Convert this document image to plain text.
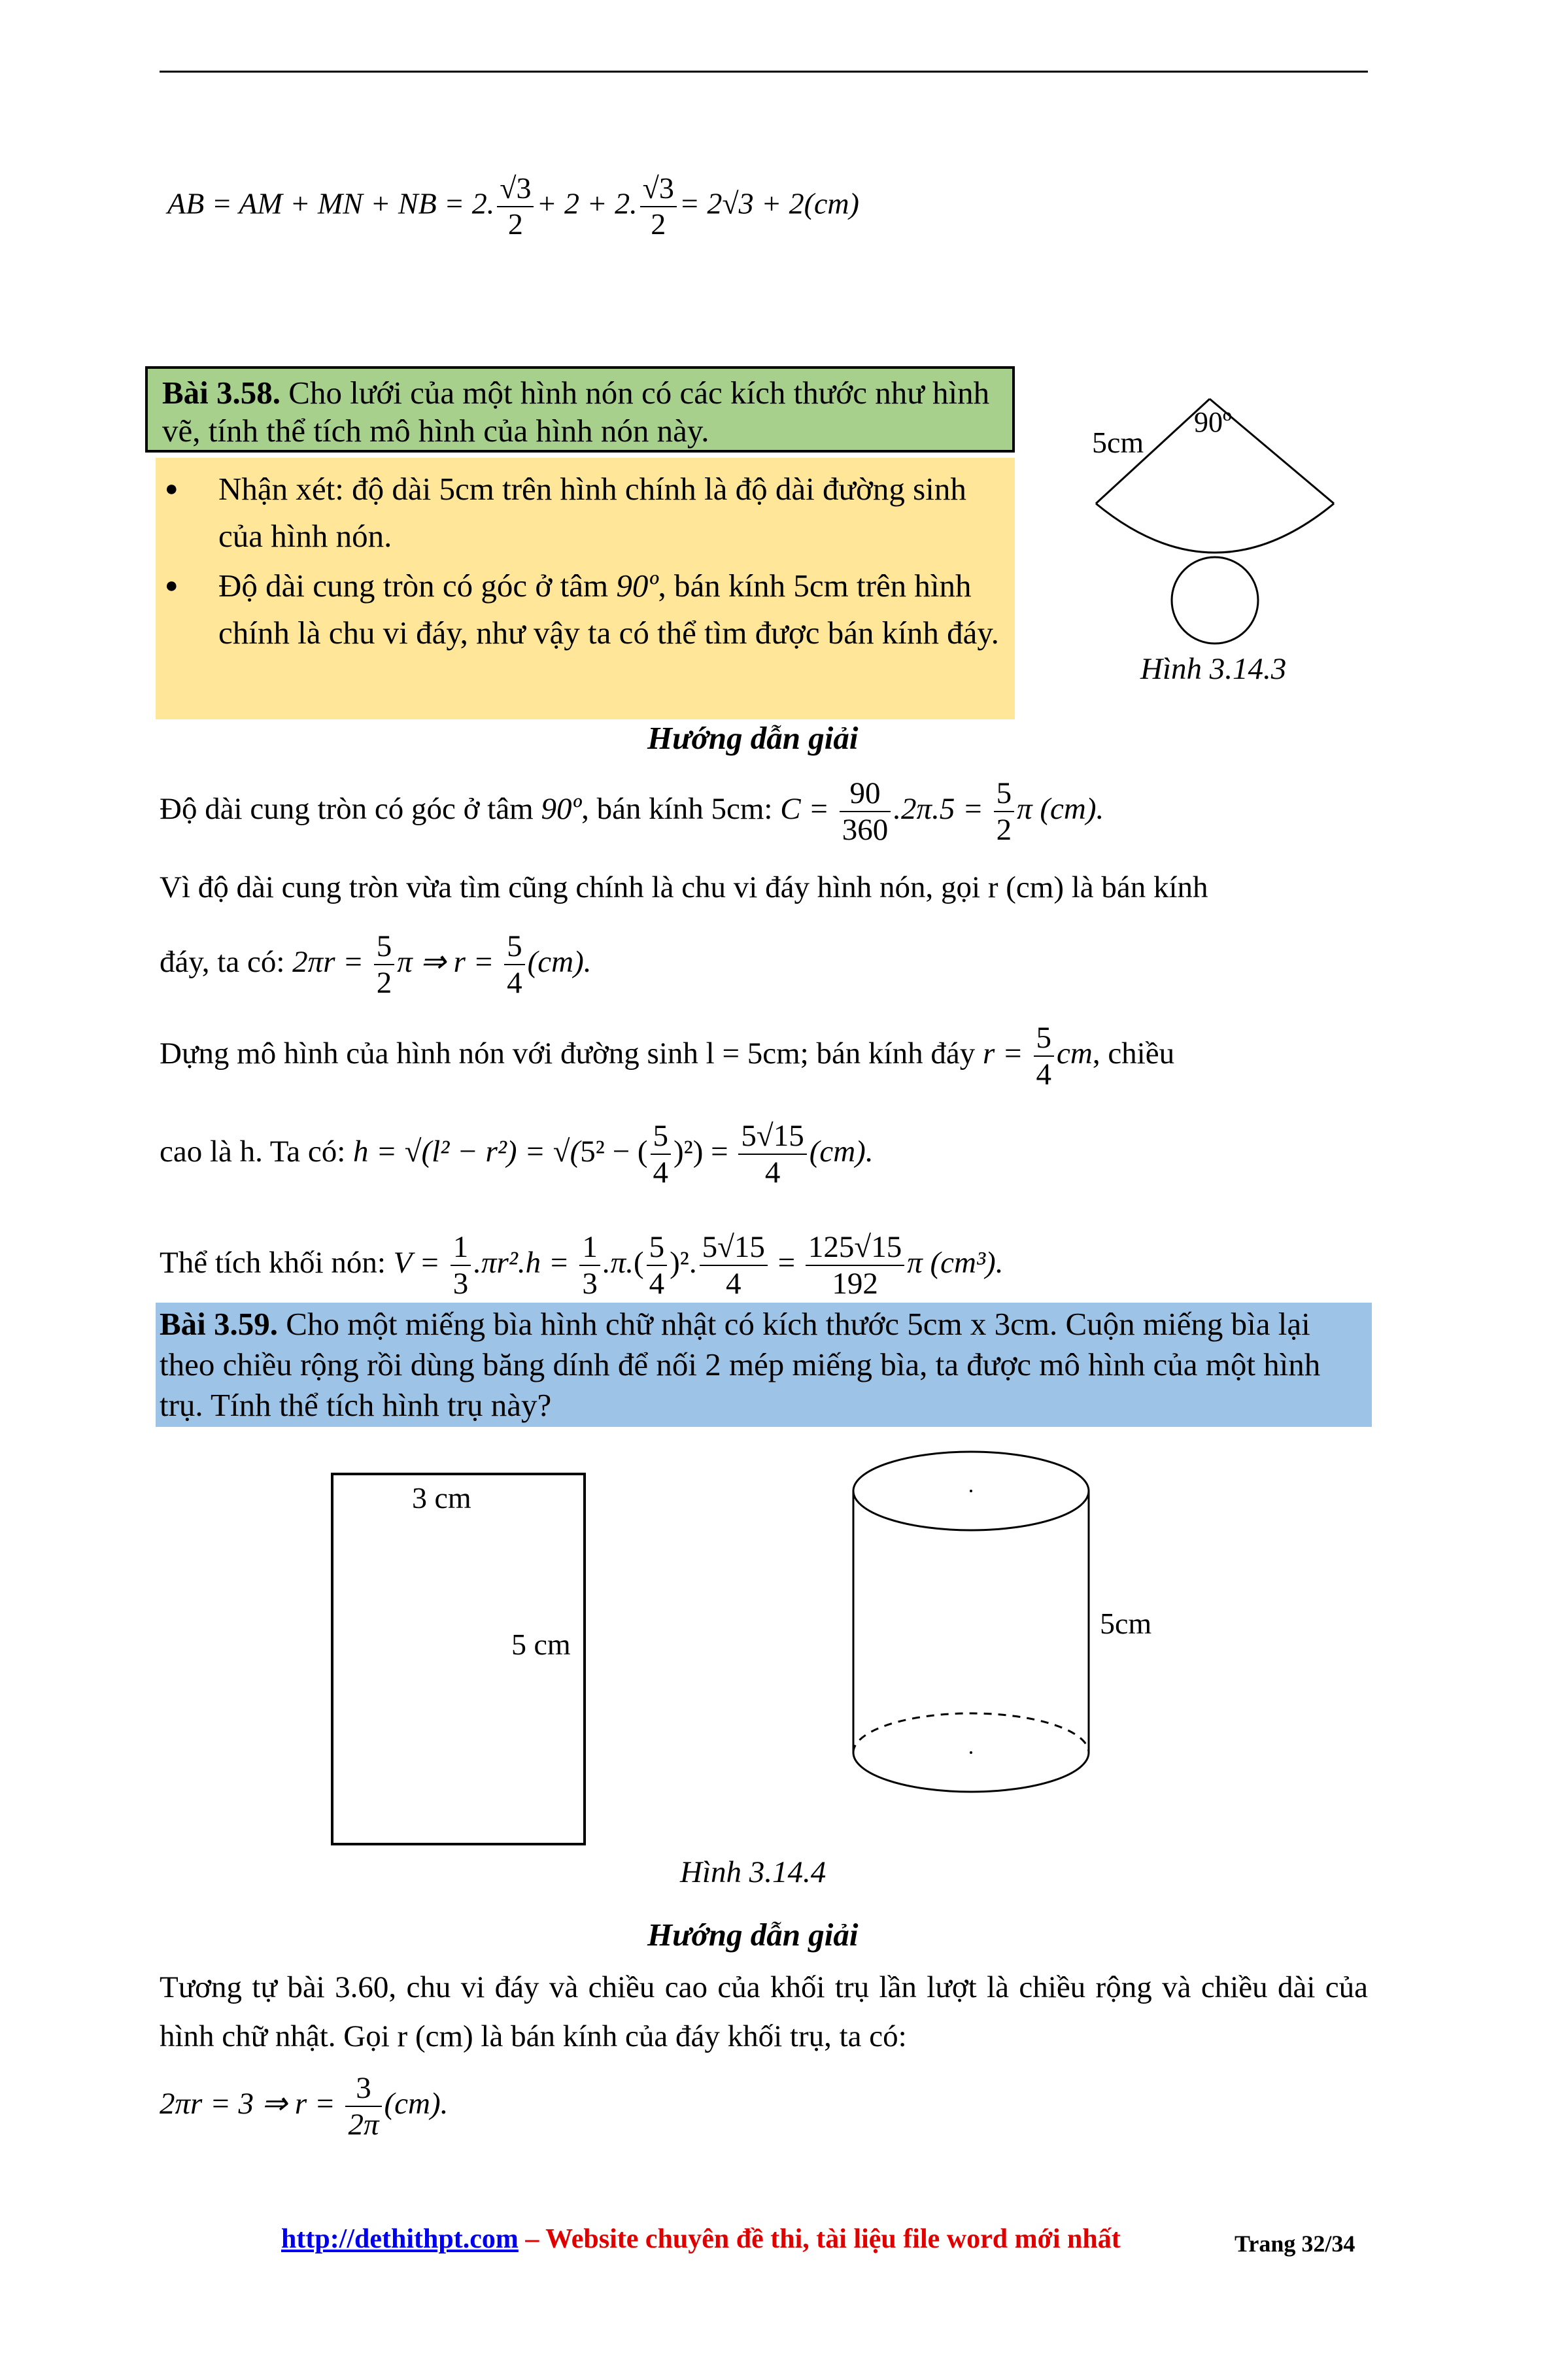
AB = AM + MN + NB = 2. $\frac{√3}{2} + 2 + 2$. $\frac{√3}{2} = 2√3 + 2(cm)$
Bài 3.58. Cho lưới của một hình nón có các kích thước như hình vẽ, tính thể tích mô hình của hình nón này.
● Nhận xét: độ dài 5cm trên hình chính là độ dài đường sinh của hình nón.
● Độ dài cung tròn có góc ở tâm 90º, bán kính 5cm trên hình chính là chu vi đáy, như vậy ta có thể tìm được bán kính đáy.
5cm
90º
Hình 3.14.3
Hướng dẫn giải
Độ dài cung tròn có góc ở tâm 90º, bán kính 5cm: $C = \frac{90}{360} .2\pi.5 = \frac{5}{2}$ π (cm).
Vì độ dài cung tròn vừa tìm cũng chính là chu vi đáy hình nón, gọi r (cm) là bán kính
đáy, ta có: $2\pi r = \frac{5}{2}$ π ⇒ $r = \frac{5}{4} (cm)$.
Dựng mô hình của hình nón với đường sinh l = 5cm; bán kính đáy $r = \frac{5}{4}$ cm, chiều
cao là h. Ta có: h = √(l² − r²) = √(5² − ( $\frac{5}{4} )^2) = \frac{5√15}{4} (cm)$.
Thể tích khối nón: $V = \frac{1}{3} .\pi r^2.h = \frac{1}{3} .\pi.( \frac{5}{4} )^2$. $\frac{5√15}{4} = \frac{125√15}{192}$ π (cm³).
Bài 3.59. Cho một miếng bìa hình chữ nhật có kích thước 5cm x 3cm. Cuộn miếng bìa lại theo chiều rộng rồi dùng băng dính để nối 2 mép miếng bìa, ta được mô hình của một hình trụ. Tính thể tích hình trụ này?
3 cm
5 cm
5cm
Hình 3.14.4
Hướng dẫn giải
Tương tự bài 3.60, chu vi đáy và chiều cao của khối trụ lần lượt là chiều rộng và chiều dài của hình chữ nhật. Gọi r (cm) là bán kính của đáy khối trụ, ta có:
2πr = 3 ⇒ $r = \frac{3}{2\pi} (cm)$.
http://dethithpt.com – Website chuyên đề thi, tài liệu file word mới nhất	Trang 32/34
